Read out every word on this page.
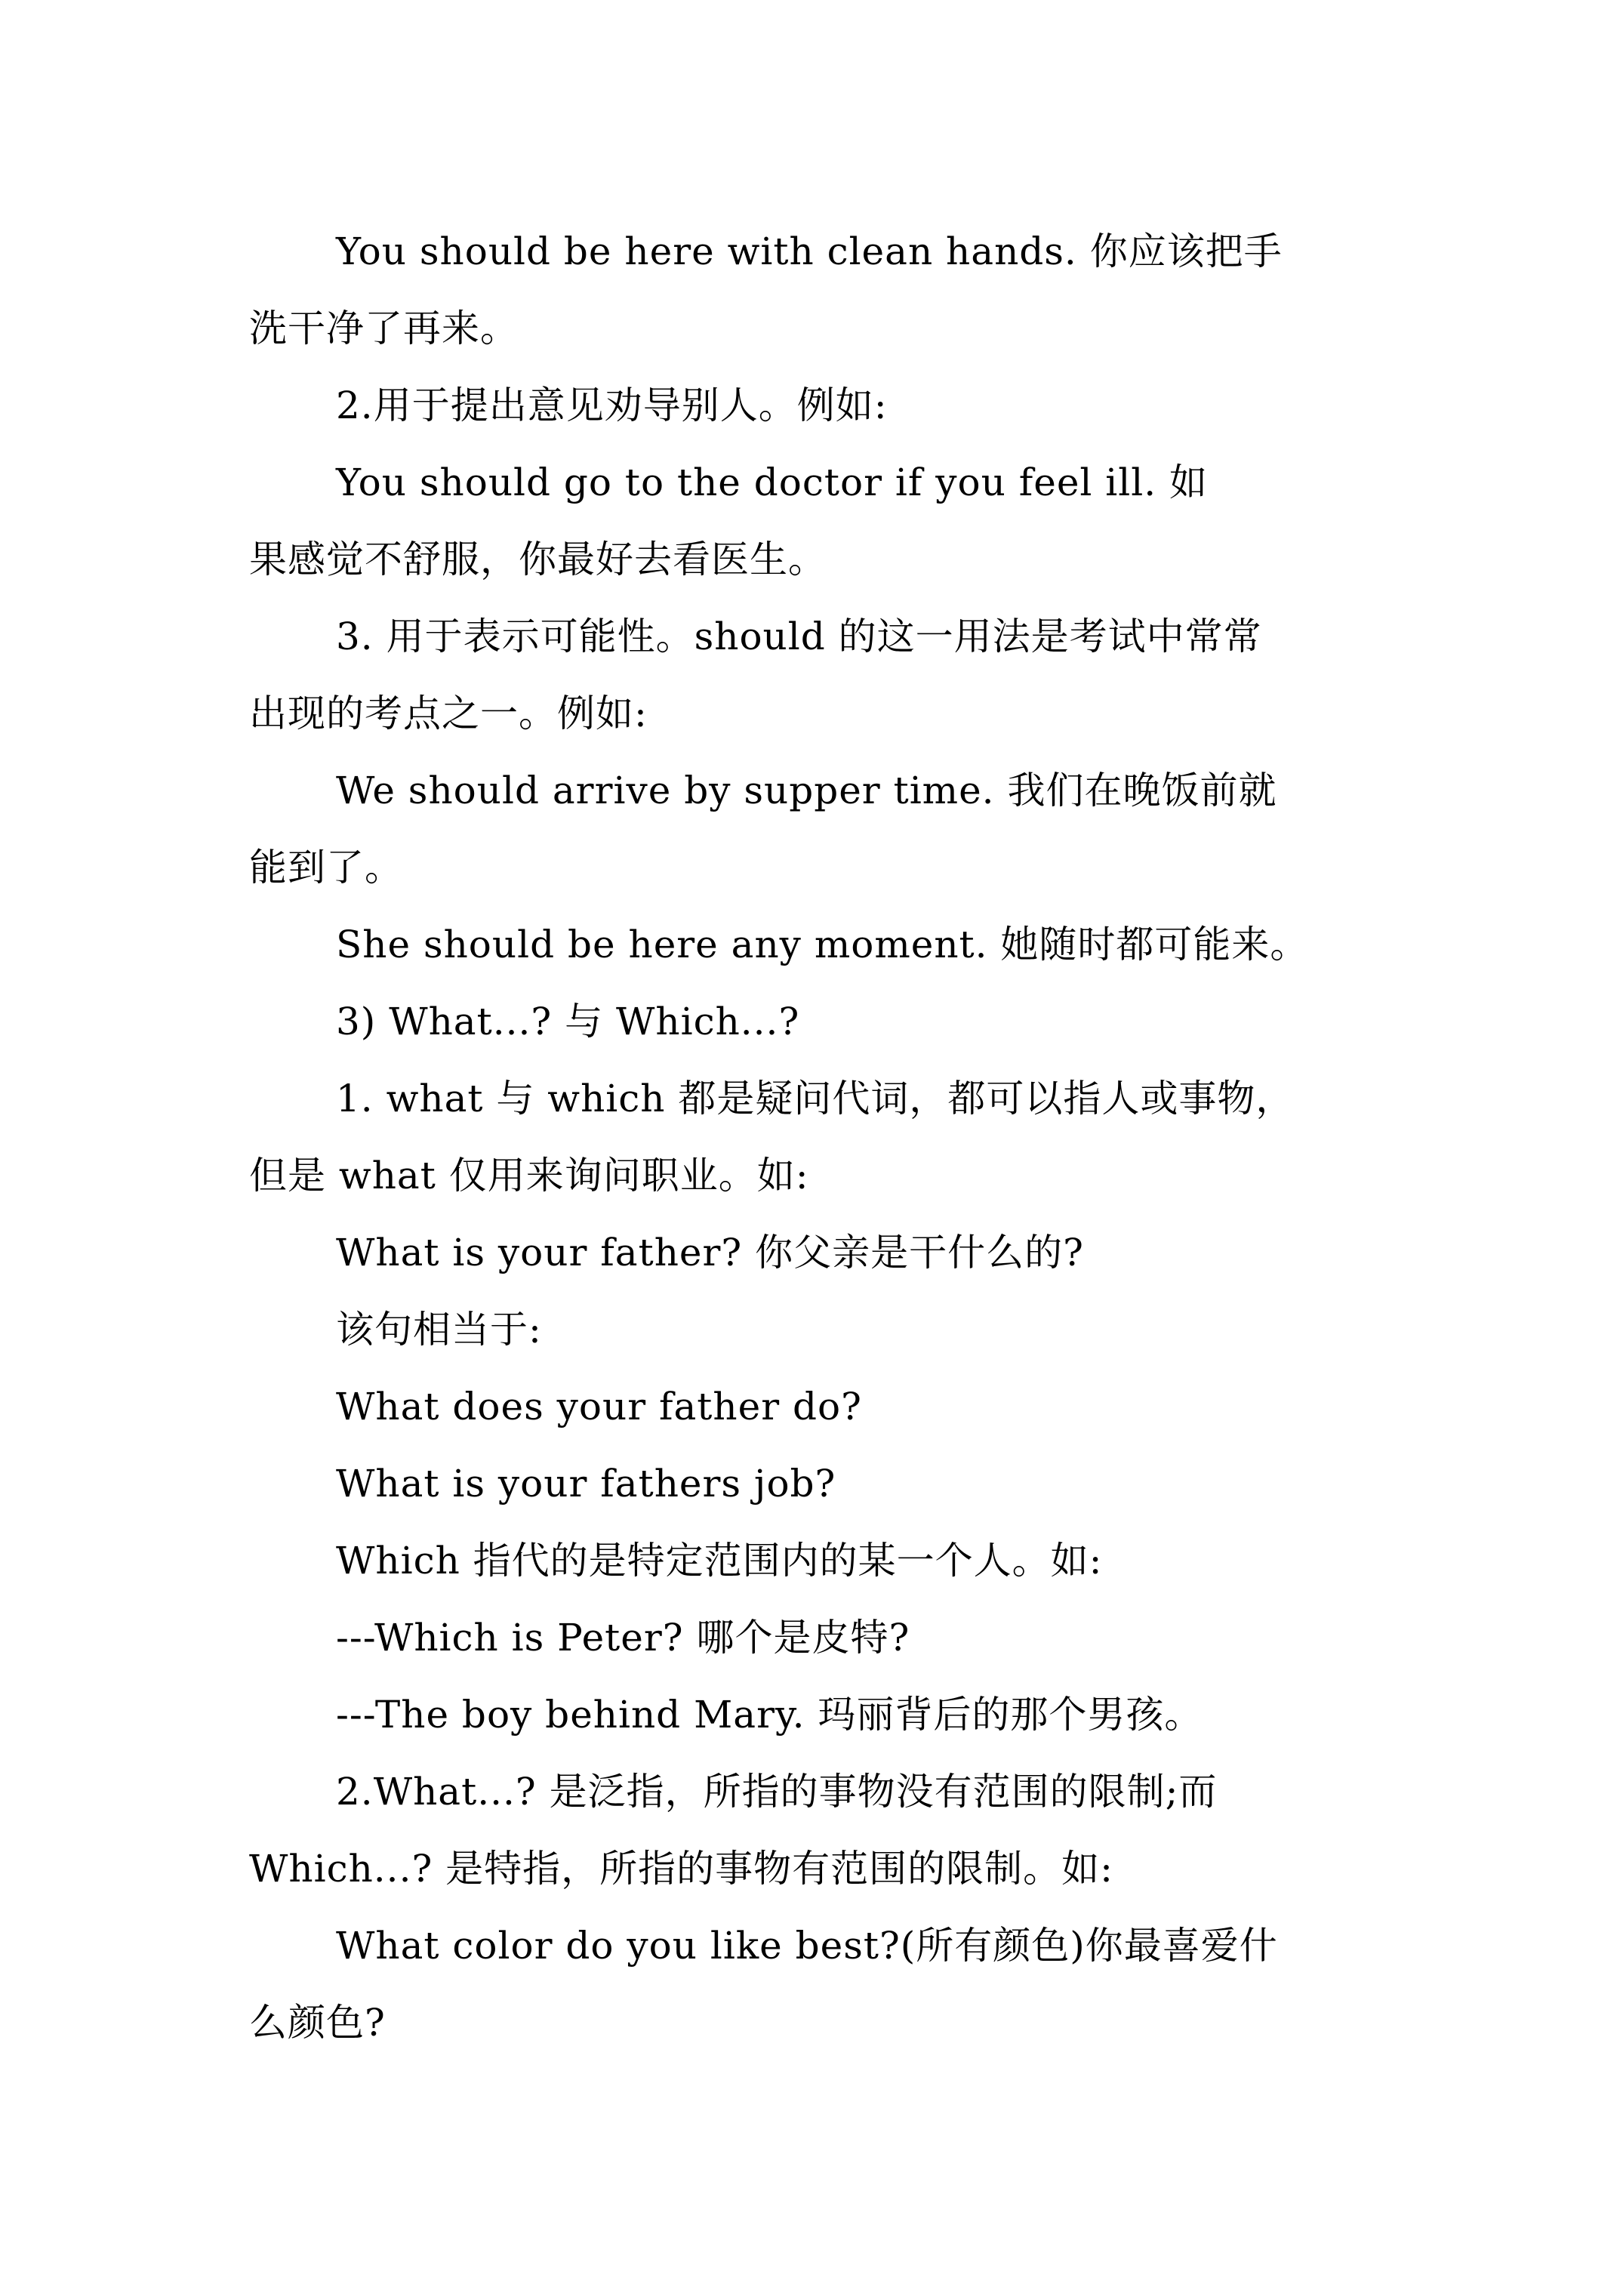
You should be here with clean hands. 你应该把手
洗干净了再来。
2.用于提出意见劝导别人。例如:
You should go to the doctor if you feel ill. 如
果感觉不舒服，你最好去看医生。
3. 用于表示可能性。should 的这一用法是考试中常常
出现的考点之一。例如:
We should arrive by supper time. 我们在晚饭前就
能到了。
She should be here any moment. 她随时都可能来。
3) What...? 与 Which...?
1. what 与 which 都是疑问代词，都可以指人或事物，
但是 what 仅用来询问职业。如:
What is your father? 你父亲是干什么的?
该句相当于:
What does your father do?
What is your fathers job?
Which 指代的是特定范围内的某一个人。如:
---Which is Peter? 哪个是皮特?
---The boy behind Mary. 玛丽背后的那个男孩。
2.What...? 是泛指，所指的事物没有范围的限制;而
Which...? 是特指，所指的事物有范围的限制。如:
What color do you like best?(所有颜色)你最喜爱什
么颜色?
